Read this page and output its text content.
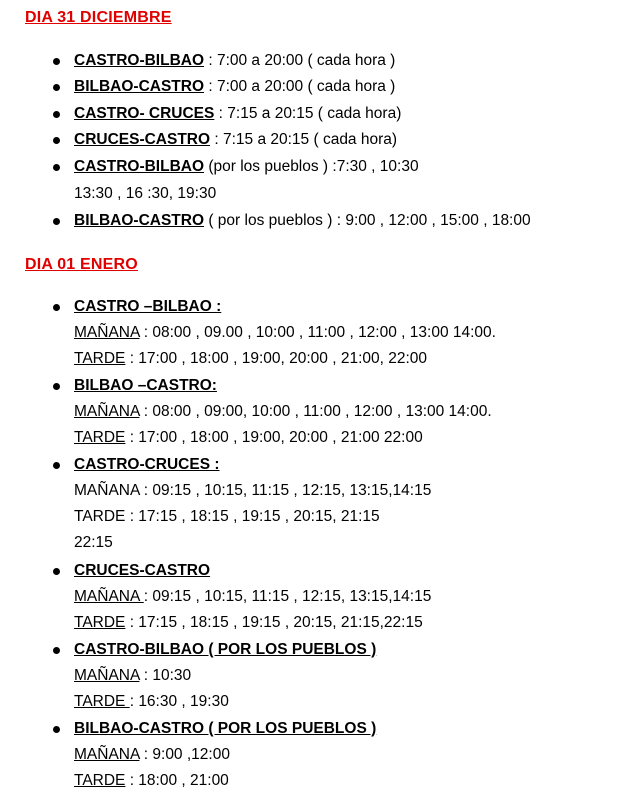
DIA 31 DICIEMBRE
CASTRO-BILBAO : 7:00 a 20:00 ( cada hora )
BILBAO-CASTRO : 7:00 a 20:00 ( cada hora )
CASTRO- CRUCES : 7:15 a 20:15 ( cada hora)
CRUCES-CASTRO : 7:15 a 20:15 ( cada hora)
CASTRO-BILBAO (por los pueblos ) :7:30 , 10:30
13:30 , 16 :30, 19:30
BILBAO-CASTRO ( por los pueblos ) : 9:00 , 12:00 , 15:00 , 18:00
DIA 01 ENERO
CASTRO –BILBAO :
MAÑANA : 08:00 , 09.00 , 10:00 , 11:00 , 12:00 , 13:00 14:00.
TARDE : 17:00 , 18:00 , 19:00, 20:00 , 21:00, 22:00
BILBAO –CASTRO:
MAÑANA : 08:00 , 09:00, 10:00 , 11:00 , 12:00 , 13:00 14:00.
TARDE : 17:00 , 18:00 , 19:00, 20:00 , 21:00 22:00
CASTRO-CRUCES :
MAÑANA : 09:15 , 10:15, 11:15 , 12:15, 13:15,14:15
TARDE : 17:15 , 18:15 , 19:15 , 20:15, 21:15
22:15
CRUCES-CASTRO
MAÑANA : 09:15 , 10:15, 11:15 , 12:15, 13:15,14:15
TARDE : 17:15 , 18:15 , 19:15 , 20:15, 21:15,22:15
CASTRO-BILBAO ( POR LOS PUEBLOS )
MAÑANA : 10:30
TARDE : 16:30 , 19:30
BILBAO-CASTRO ( POR LOS PUEBLOS )
MAÑANA : 9:00 ,12:00
TARDE : 18:00 , 21:00
